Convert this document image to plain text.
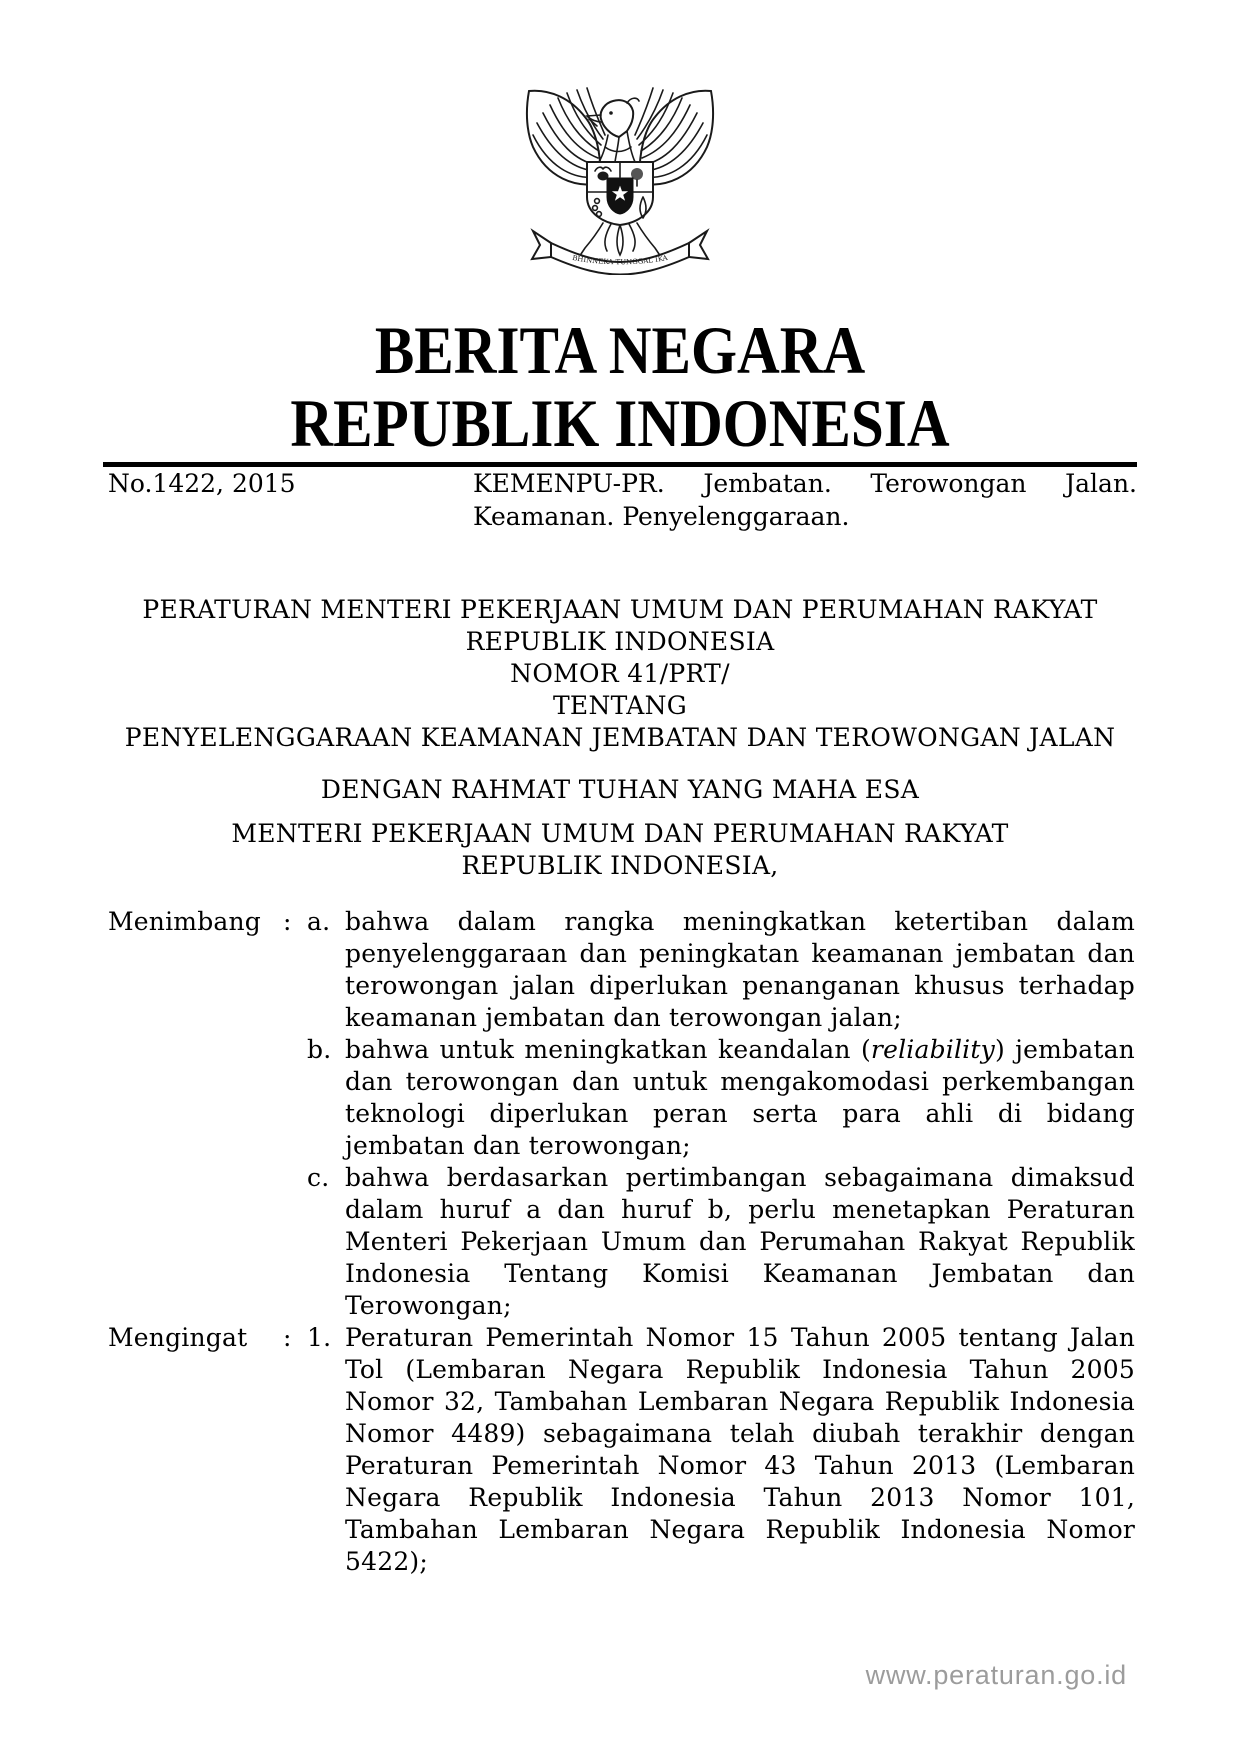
BHINNEKA TUNGGAL IKA
BERITA NEGARA
REPUBLIK INDONESIA
No.1422, 2015	KEMENPU-PR. Jembatan. Terowongan Jalan.
Keamanan. Penyelenggaraan.
PERATURAN MENTERI PEKERJAAN UMUM DAN PERUMAHAN RAKYAT
REPUBLIK INDONESIA
NOMOR 41/PRT/
TENTANG
PENYELENGGARAAN KEAMANAN JEMBATAN DAN TEROWONGAN JALAN
DENGAN RAHMAT TUHAN YANG MAHA ESA
MENTERI PEKERJAAN UMUM DAN PERUMAHAN RAKYAT
REPUBLIK INDONESIA,
Menimbang : a. bahwa dalam rangka meningkatkan ketertiban dalam penyelenggaraan dan peningkatan keamanan jembatan dan terowongan jalan diperlukan penanganan khusus terhadap keamanan jembatan dan terowongan jalan;
b. bahwa untuk meningkatkan keandalan (reliability) jembatan dan terowongan dan untuk mengakomodasi perkembangan teknologi diperlukan peran serta para ahli di bidang jembatan dan terowongan;
c. bahwa berdasarkan pertimbangan sebagaimana dimaksud dalam huruf a dan huruf b, perlu menetapkan Peraturan Menteri Pekerjaan Umum dan Perumahan Rakyat Republik Indonesia Tentang Komisi Keamanan Jembatan dan Terowongan;
Mengingat	: 1. Peraturan Pemerintah Nomor 15 Tahun 2005 tentang Jalan Tol (Lembaran Negara Republik Indonesia Tahun 2005 Nomor 32, Tambahan Lembaran Negara Republik Indonesia Nomor 4489) sebagaimana telah diubah terakhir dengan Peraturan Pemerintah Nomor 43 Tahun 2013 (Lembaran Negara Republik Indonesia Tahun 2013 Nomor 101, Tambahan Lembaran Negara Republik Indonesia Nomor 5422);
www.peraturan.go.id
